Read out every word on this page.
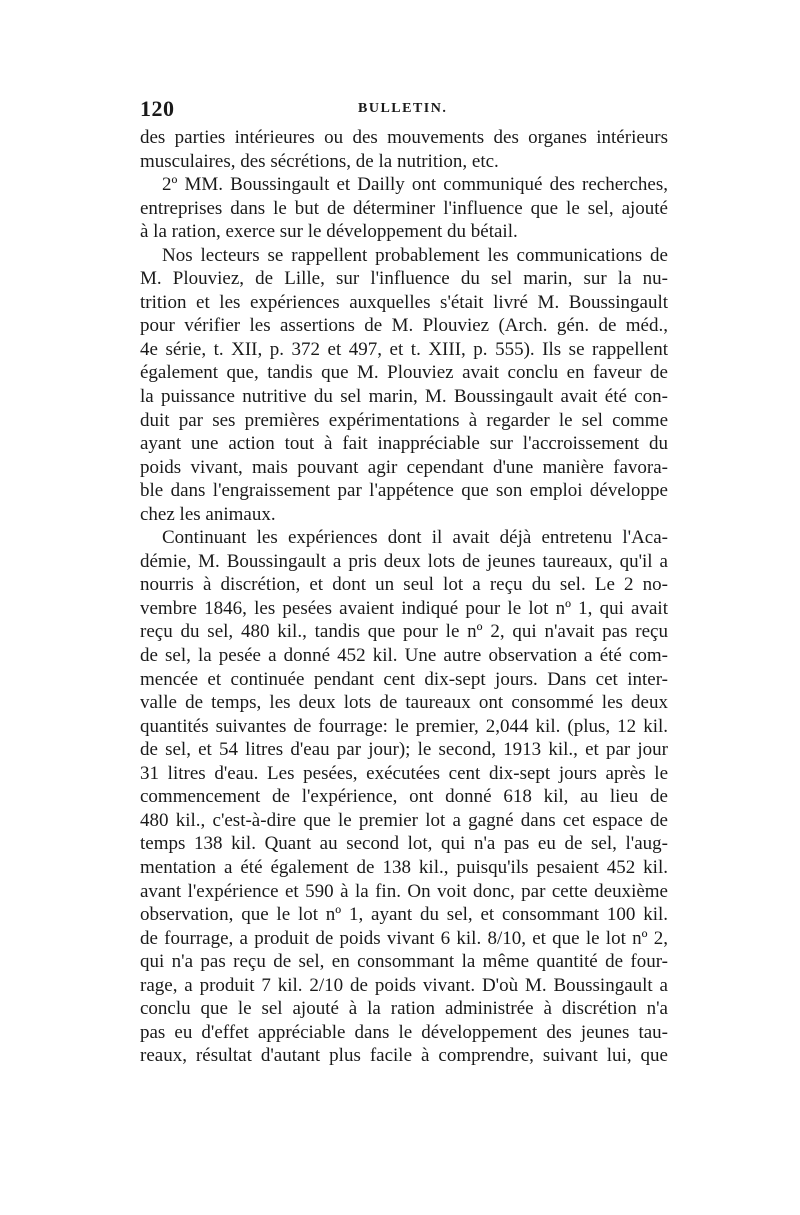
120	BULLETIN.
des parties intérieures ou des mouvements des organes intérieurs
musculaires, des sécrétions, de la nutrition, etc.
2º MM. Boussingault et Dailly ont communiqué des recherches,
entreprises dans le but de déterminer l'influence que le sel, ajouté
à la ration, exerce sur le développement du bétail.
Nos lecteurs se rappellent probablement les communications de
M. Plouviez, de Lille, sur l'influence du sel marin, sur la nu-
trition et les expériences auxquelles s'était livré M. Boussingault
pour vérifier les assertions de M. Plouviez (Arch. gén. de méd.,
4e série, t. XII, p. 372 et 497, et t. XIII, p. 555). Ils se rappellent
également que, tandis que M. Plouviez avait conclu en faveur de
la puissance nutritive du sel marin, M. Boussingault avait été con-
duit par ses premières expérimentations à regarder le sel comme
ayant une action tout à fait inappréciable sur l'accroissement du
poids vivant, mais pouvant agir cependant d'une manière favora-
ble dans l'engraissement par l'appétence que son emploi développe
chez les animaux.
Continuant les expériences dont il avait déjà entretenu l'Aca-
démie, M. Boussingault a pris deux lots de jeunes taureaux, qu'il a
nourris à discrétion, et dont un seul lot a reçu du sel. Le 2 no-
vembre 1846, les pesées avaient indiqué pour le lot nº 1, qui avait
reçu du sel, 480 kil., tandis que pour le nº 2, qui n'avait pas reçu
de sel, la pesée a donné 452 kil. Une autre observation a été com-
mencée et continuée pendant cent dix-sept jours. Dans cet inter-
valle de temps, les deux lots de taureaux ont consommé les deux
quantités suivantes de fourrage: le premier, 2,044 kil. (plus, 12 kil.
de sel, et 54 litres d'eau par jour); le second, 1913 kil., et par jour
31 litres d'eau. Les pesées, exécutées cent dix-sept jours après le
commencement de l'expérience, ont donné 618 kil, au lieu de
480 kil., c'est-à-dire que le premier lot a gagné dans cet espace de
temps 138 kil. Quant au second lot, qui n'a pas eu de sel, l'aug-
mentation a été également de 138 kil., puisqu'ils pesaient 452 kil.
avant l'expérience et 590 à la fin. On voit donc, par cette deuxième
observation, que le lot nº 1, ayant du sel, et consommant 100 kil.
de fourrage, a produit de poids vivant 6 kil. 8/10, et que le lot nº 2,
qui n'a pas reçu de sel, en consommant la même quantité de four-
rage, a produit 7 kil. 2/10 de poids vivant. D'où M. Boussingault a
conclu que le sel ajouté à la ration administrée à discrétion n'a
pas eu d'effet appréciable dans le développement des jeunes tau-
reaux, résultat d'autant plus facile à comprendre, suivant lui, que
